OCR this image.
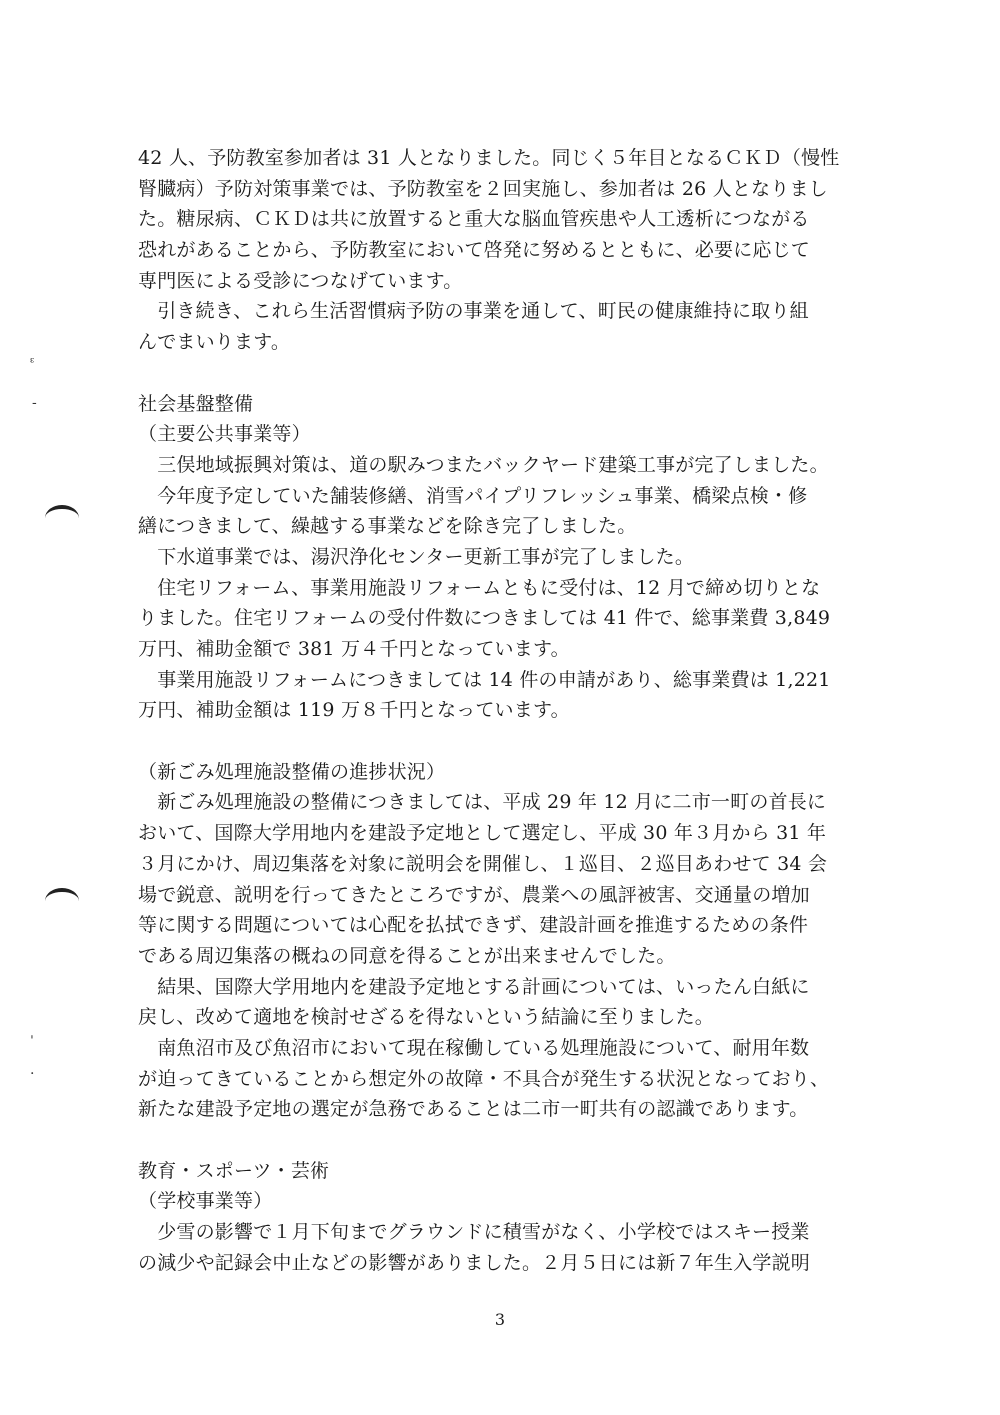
ᵋ
-
ˌ
.
42 人、予防教室参加者は 31 人となりました。同じく５年目となるＣＫＤ（慢性
腎臓病）予防対策事業では、予防教室を２回実施し、参加者は 26 人となりまし
た。糖尿病、ＣＫＤは共に放置すると重大な脳血管疾患や人工透析につながる
恐れがあることから、予防教室において啓発に努めるとともに、必要に応じて
専門医による受診につなげています。
　引き続き、これら生活習慣病予防の事業を通して、町民の健康維持に取り組
んでまいります。
社会基盤整備
（主要公共事業等）
　三俣地域振興対策は、道の駅みつまたバックヤード建築工事が完了しました。
　今年度予定していた舗装修繕、消雪パイプリフレッシュ事業、橋梁点検・修
繕につきまして、繰越する事業などを除き完了しました。
　下水道事業では、湯沢浄化センター更新工事が完了しました。
　住宅リフォーム、事業用施設リフォームともに受付は、12 月で締め切りとな
りました。住宅リフォームの受付件数につきましては 41 件で、総事業費 3,849
万円、補助金額で 381 万４千円となっています。
　事業用施設リフォームにつきましては 14 件の申請があり、総事業費は 1,221
万円、補助金額は 119 万８千円となっています。
（新ごみ処理施設整備の進捗状況）
　新ごみ処理施設の整備につきましては、平成 29 年 12 月に二市一町の首長に
おいて、国際大学用地内を建設予定地として選定し、平成 30 年３月から 31 年
３月にかけ、周辺集落を対象に説明会を開催し、１巡目、２巡目あわせて 34 会
場で鋭意、説明を行ってきたところですが、農業への風評被害、交通量の増加
等に関する問題については心配を払拭できず、建設計画を推進するための条件
である周辺集落の概ねの同意を得ることが出来ませんでした。
　結果、国際大学用地内を建設予定地とする計画については、いったん白紙に
戻し、改めて適地を検討せざるを得ないという結論に至りました。
　南魚沼市及び魚沼市において現在稼働している処理施設について、耐用年数
が迫ってきていることから想定外の故障・不具合が発生する状況となっており、
新たな建設予定地の選定が急務であることは二市一町共有の認識であります。
教育・スポーツ・芸術
（学校事業等）
　少雪の影響で１月下旬までグラウンドに積雪がなく、小学校ではスキー授業
の減少や記録会中止などの影響がありました。２月５日には新７年生入学説明
3
